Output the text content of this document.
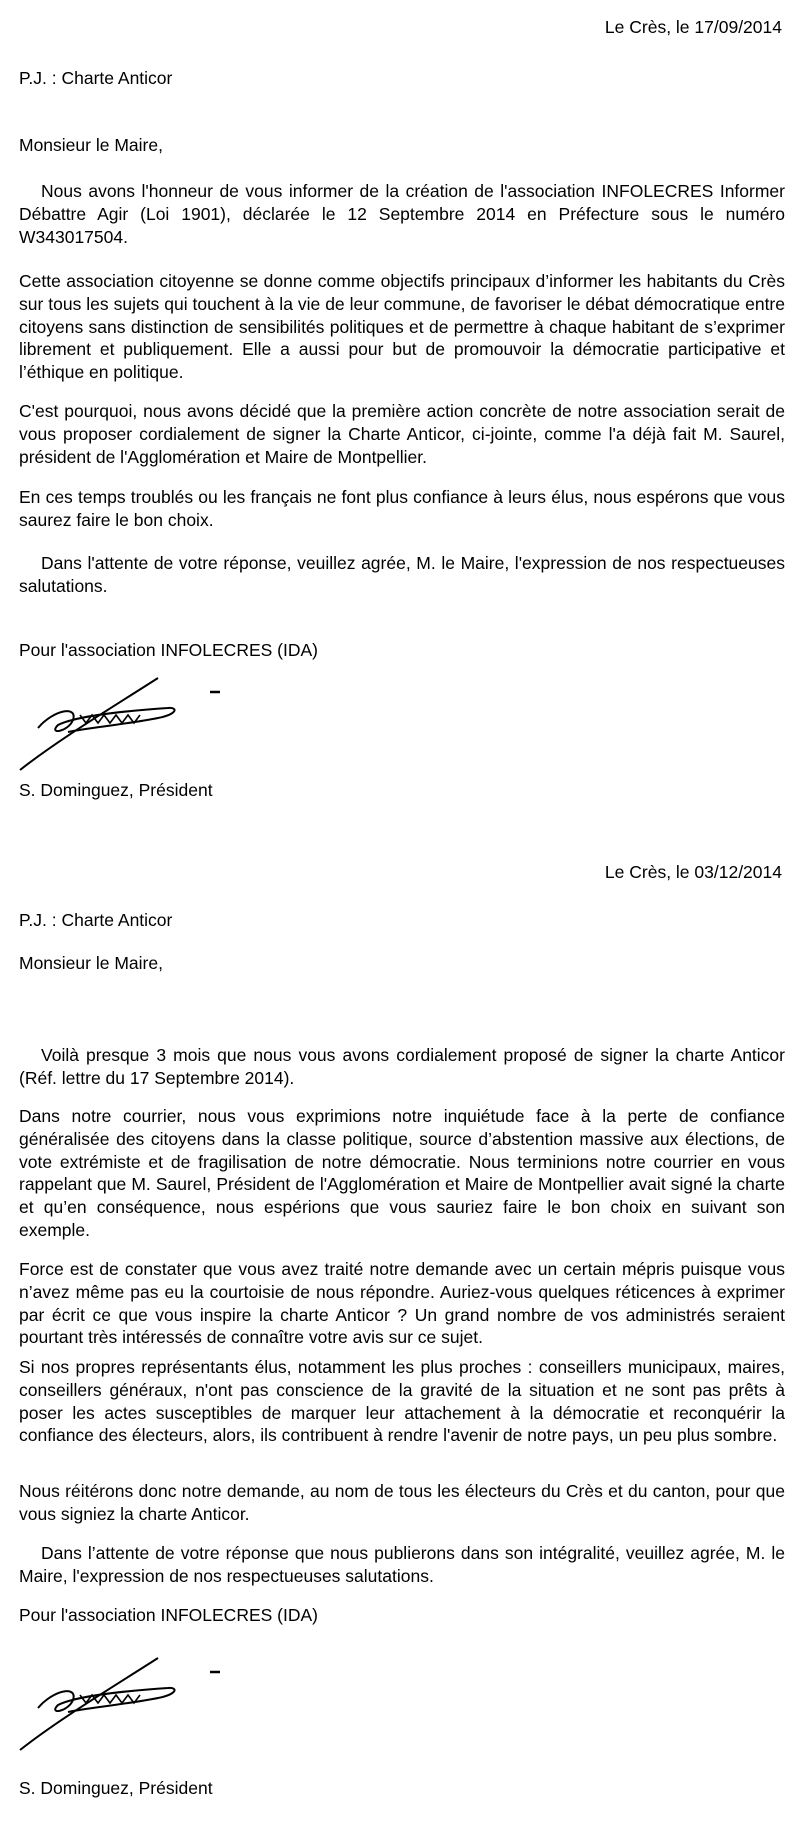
Le Crès, le 17/09/2014
P.J. : Charte Anticor
Monsieur le Maire,

Nous avons l'honneur de vous informer de la création de l'association INFOLECRES Informer Débattre Agir (Loi 1901), déclarée le 12 Septembre 2014 en Préfecture sous le numéro W343017504.

Cette association citoyenne se donne comme objectifs principaux d’informer les habitants du Crès sur tous les sujets qui touchent à la vie de leur commune, de favoriser le débat démocratique entre citoyens sans distinction de sensibilités politiques et de permettre à chaque habitant de s’exprimer librement et publiquement. Elle a aussi pour but de promouvoir la démocratie participative et l’éthique en politique.

C'est pourquoi, nous avons décidé que la première action concrète de notre association serait de vous proposer cordialement de signer la Charte Anticor, ci-jointe, comme l'a déjà fait M. Saurel, président de l'Agglomération et Maire de Montpellier.

En ces temps troublés ou les français ne font plus confiance à leurs élus, nous espérons que vous saurez faire le bon choix.

Dans l'attente de votre réponse, veuillez agrée, M. le Maire, l'expression de nos respectueuses salutations.

Pour l'association INFOLECRES (IDA)
S. Dominguez, Président
Le Crès, le 03/12/2014
P.J. : Charte Anticor
Monsieur le Maire,

Voilà presque 3 mois que nous vous avons cordialement proposé de signer la charte Anticor (Réf. lettre du 17 Septembre 2014).

Dans notre courrier, nous vous exprimions notre inquiétude face à la perte de confiance généralisée des citoyens dans la classe politique, source d’abstention massive aux élections, de vote extrémiste et de fragilisation de notre démocratie. Nous terminions notre courrier en vous rappelant que M. Saurel, Président de l'Agglomération et Maire de Montpellier avait signé la charte et qu’en conséquence, nous espérions que vous sauriez faire le bon choix en suivant son exemple.

Force est de constater que vous avez traité notre demande avec un certain mépris puisque vous n’avez même pas eu la courtoisie de nous répondre. Auriez-vous quelques réticences à exprimer par écrit ce que vous inspire la charte Anticor ? Un grand nombre de vos administrés seraient pourtant très intéressés de connaître votre avis sur ce sujet.

Si nos propres représentants élus, notamment les plus proches : conseillers municipaux, maires, conseillers généraux, n'ont pas conscience de la gravité de la situation et ne sont pas prêts à poser les actes susceptibles de marquer leur attachement à la démocratie et reconquérir la confiance des électeurs, alors, ils contribuent à rendre l'avenir de notre pays, un peu plus sombre.

Nous réitérons donc notre demande, au nom de tous les électeurs du Crès et du canton, pour que vous signiez la charte Anticor.

Dans l’attente de votre réponse que nous publierons dans son intégralité, veuillez agrée, M. le Maire, l'expression de nos respectueuses salutations.

Pour l'association INFOLECRES (IDA)
S. Dominguez, Président
